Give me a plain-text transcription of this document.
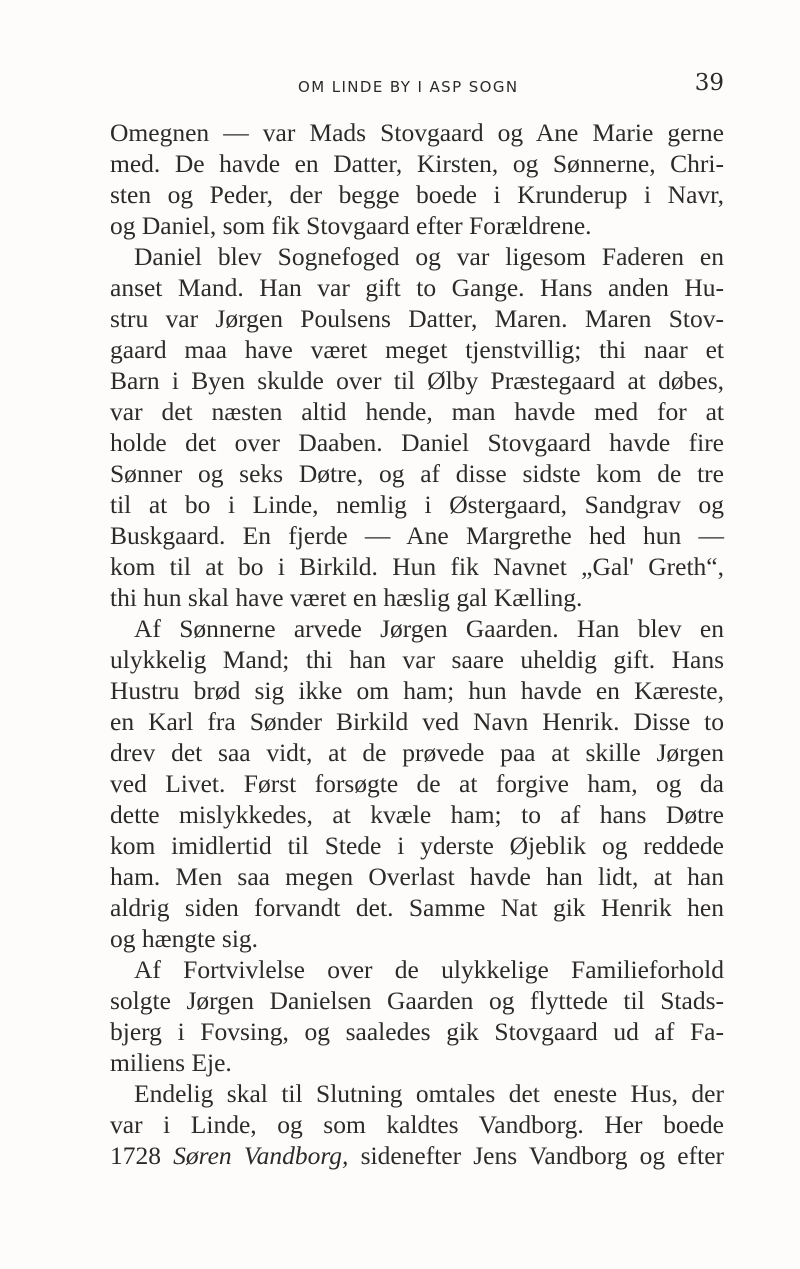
OM LINDE BY I ASP SOGN	39
Omegnen — var Mads Stovgaard og Ane Marie gerne
med. De havde en Datter, Kirsten, og Sønnerne, Chri-
sten og Peder, der begge boede i Krunderup i Navr,
og Daniel, som fik Stovgaard efter Forældrene.
Daniel blev Sognefoged og var ligesom Faderen en
anset Mand. Han var gift to Gange. Hans anden Hu-
stru var Jørgen Poulsens Datter, Maren. Maren Stov-
gaard maa have været meget tjenstvillig; thi naar et
Barn i Byen skulde over til Ølby Præstegaard at døbes,
var det næsten altid hende, man havde med for at
holde det over Daaben. Daniel Stovgaard havde fire
Sønner og seks Døtre, og af disse sidste kom de tre
til at bo i Linde, nemlig i Østergaard, Sandgrav og
Buskgaard. En fjerde — Ane Margrethe hed hun —
kom til at bo i Birkild. Hun fik Navnet „Gal' Greth“,
thi hun skal have været en hæslig gal Kælling.
Af Sønnerne arvede Jørgen Gaarden. Han blev en
ulykkelig Mand; thi han var saare uheldig gift. Hans
Hustru brød sig ikke om ham; hun havde en Kæreste,
en Karl fra Sønder Birkild ved Navn Henrik. Disse to
drev det saa vidt, at de prøvede paa at skille Jørgen
ved Livet. Først forsøgte de at forgive ham, og da
dette mislykkedes, at kvæle ham; to af hans Døtre
kom imidlertid til Stede i yderste Øjeblik og reddede
ham. Men saa megen Overlast havde han lidt, at han
aldrig siden forvandt det. Samme Nat gik Henrik hen
og hængte sig.
Af Fortvivlelse over de ulykkelige Familieforhold
solgte Jørgen Danielsen Gaarden og flyttede til Stads-
bjerg i Fovsing, og saaledes gik Stovgaard ud af Fa-
miliens Eje.
Endelig skal til Slutning omtales det eneste Hus, der
var i Linde, og som kaldtes Vandborg. Her boede
1728 Søren Vandborg, sidenefter Jens Vandborg og efter
